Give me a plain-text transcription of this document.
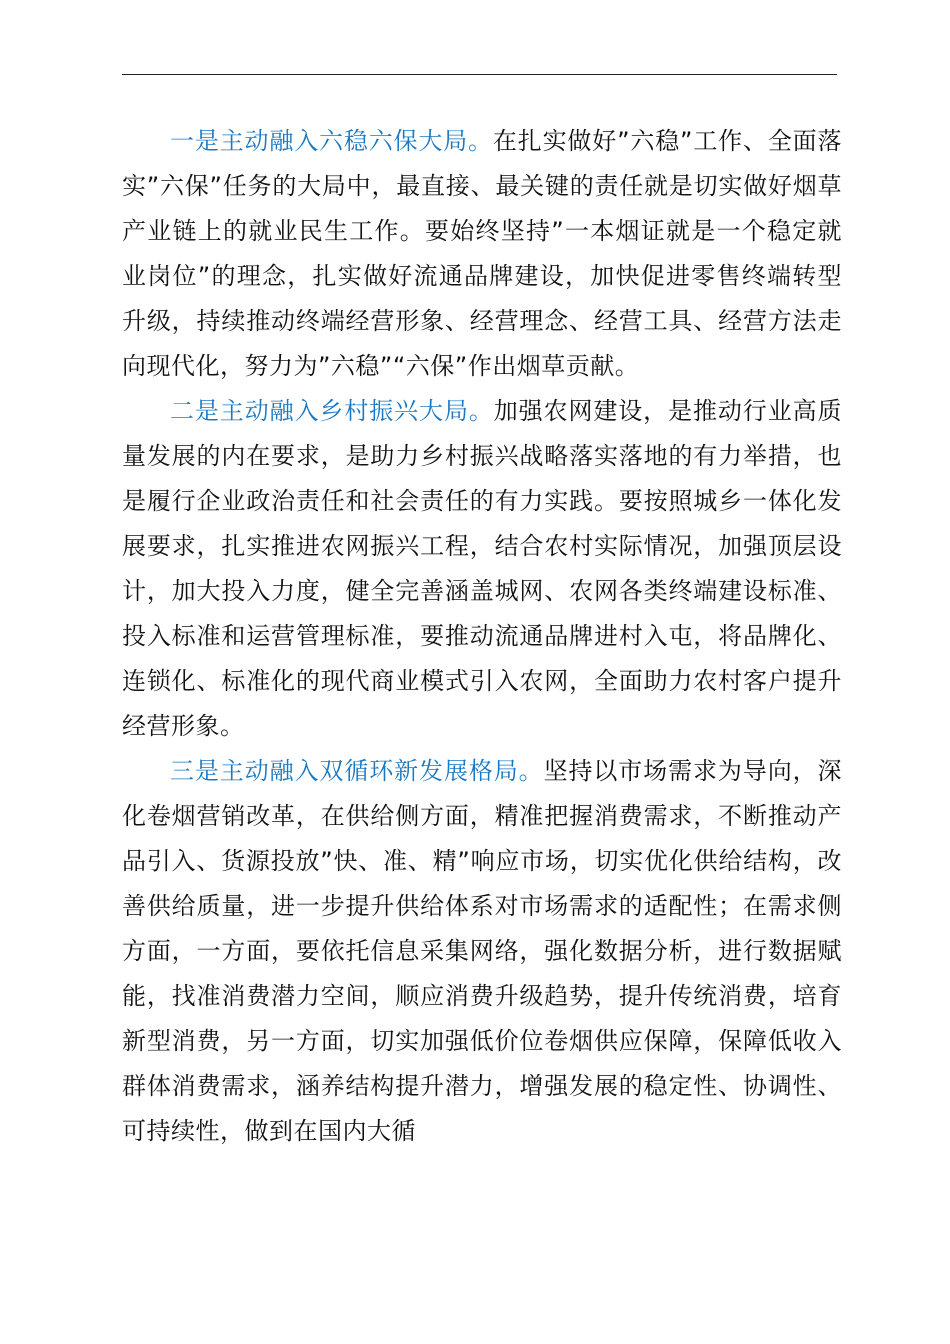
一是主动融入六稳六保大局。在扎实做好”六稳”工作、全面落实”六保”任务的大局中，最直接、最关键的责任就是切实做好烟草产业链上的就业民生工作。要始终坚持”一本烟证就是一个稳定就业岗位”的理念，扎实做好流通品牌建设，加快促进零售终端转型升级，持续推动终端经营形象、经营理念、经营工具、经营方法走向现代化，努力为”六稳”“六保”作出烟草贡献。

二是主动融入乡村振兴大局。加强农网建设，是推动行业高质量发展的内在要求，是助力乡村振兴战略落实落地的有力举措，也是履行企业政治责任和社会责任的有力实践。要按照城乡一体化发展要求，扎实推进农网振兴工程，结合农村实际情况，加强顶层设计，加大投入力度，健全完善涵盖城网、农网各类终端建设标准、投入标准和运营管理标准，要推动流通品牌进村入屯，将品牌化、连锁化、标准化的现代商业模式引入农网，全面助力农村客户提升经营形象。

三是主动融入双循环新发展格局。坚持以市场需求为导向，深化卷烟营销改革，在供给侧方面，精准把握消费需求，不断推动产品引入、货源投放”快、准、精”响应市场，切实优化供给结构，改善供给质量，进一步提升供给体系对市场需求的适配性；在需求侧方面，一方面，要依托信息采集网络，强化数据分析，进行数据赋能，找准消费潜力空间，顺应消费升级趋势，提升传统消费，培育新型消费，另一方面，切实加强低价位卷烟供应保障，保障低收入群体消费需求，涵养结构提升潜力，增强发展的稳定性、协调性、可持续性，做到在国内大循
